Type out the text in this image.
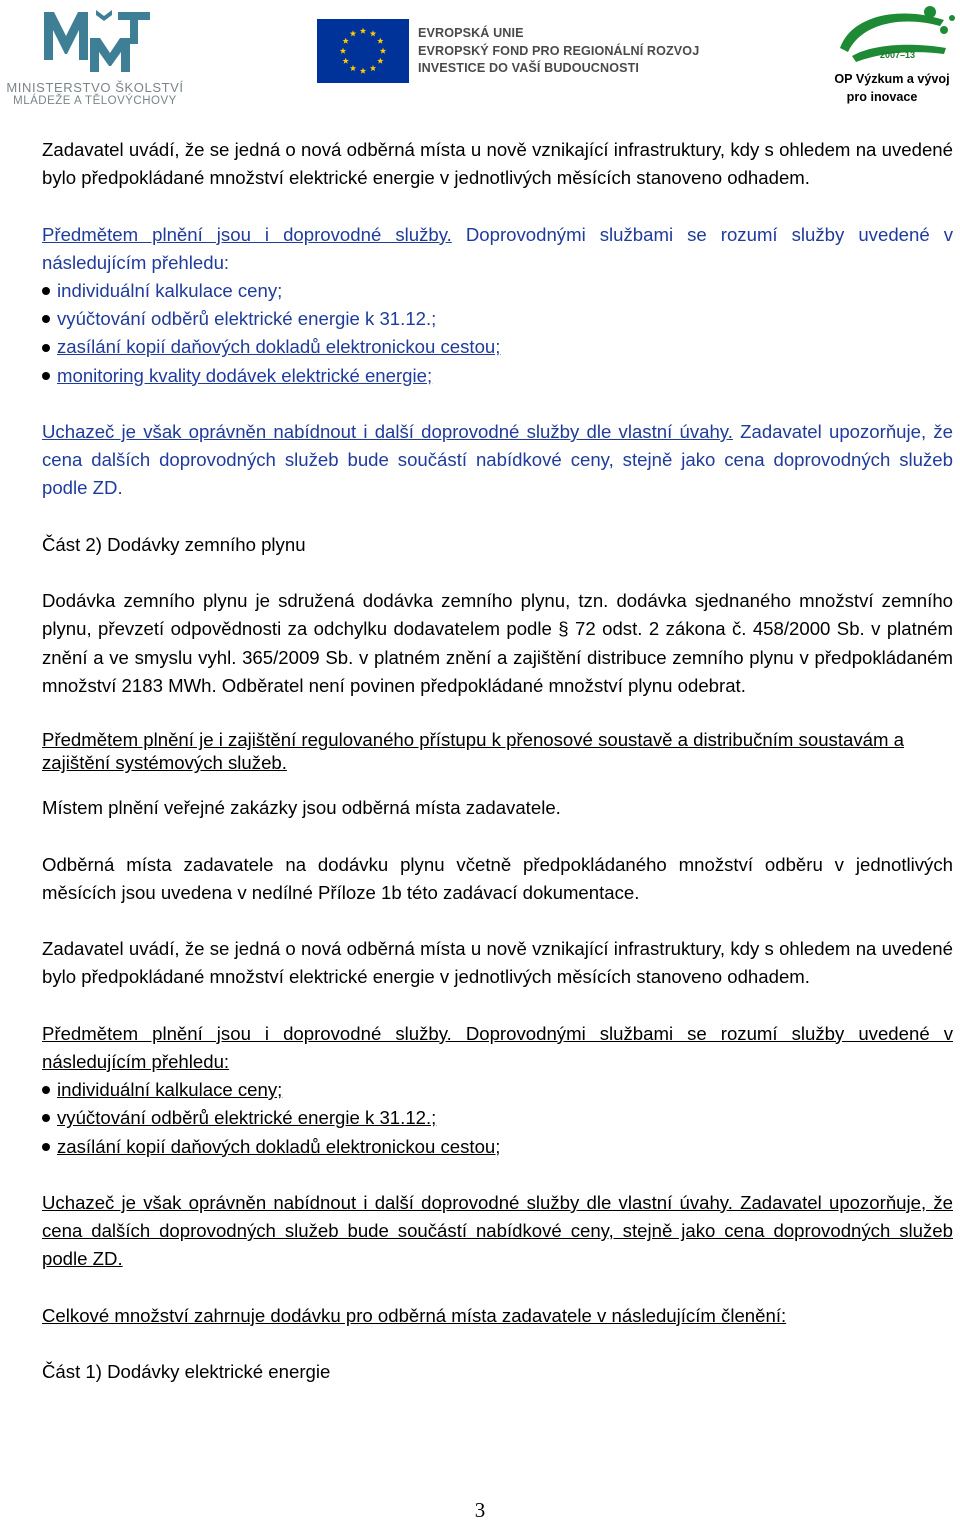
MINISTERSTVO ŠKOLSTVÍ
MLÁDEŽE A TĚLOVÝCHOVY
EVROPSKÁ UNIE
EVROPSKÝ FOND PRO REGIONÁLNÍ ROZVOJ
INVESTICE DO VAŠÍ BUDOUCNOSTI
OP Výzkum a vývoj
pro inovace
2007–13

Zadavatel uvádí, že se jedná o nová odběrná místa u nově vznikající infrastruktury, kdy s ohledem na uvedené bylo předpokládané množství elektrické energie v jednotlivých měsících stanoveno odhadem.

Předmětem plnění jsou i doprovodné služby. Doprovodnými službami se rozumí služby uvedené v následujícím přehledu:

individuální kalkulace ceny;
vyúčtování odběrů elektrické energie k 31.12.;
zasílání kopií daňových dokladů elektronickou cestou;
monitoring kvality dodávek elektrické energie;

Uchazeč je však oprávněn nabídnout i další doprovodné služby dle vlastní úvahy. Zadavatel upozorňuje, že cena dalších doprovodných služeb bude součástí nabídkové ceny, stejně jako cena doprovodných služeb podle ZD.

Část 2) Dodávky zemního plynu

Dodávka zemního plynu je sdružená dodávka zemního plynu, tzn. dodávka sjednaného množství zemního plynu, převzetí odpovědnosti za odchylku dodavatelem podle § 72 odst. 2 zákona č. 458/2000 Sb. v platném znění a ve smyslu vyhl. 365/2009 Sb. v platném znění a zajištění distribuce zemního plynu v předpokládaném množství 2183 MWh. Odběratel není povinen předpokládané množství plynu odebrat.

Předmětem plnění je i zajištění regulovaného přístupu k přenosové soustavě a distribučním soustavám a zajištění systémových služeb.

Místem plnění veřejné zakázky jsou odběrná místa zadavatele.

Odběrná místa zadavatele na dodávku plynu včetně předpokládaného množství odběru v jednotlivých měsících jsou uvedena v nedílné Příloze 1b této zadávací dokumentace.

Zadavatel uvádí, že se jedná o nová odběrná místa u nově vznikající infrastruktury, kdy s ohledem na uvedené bylo předpokládané množství elektrické energie v jednotlivých měsících stanoveno odhadem.

Předmětem plnění jsou i doprovodné služby. Doprovodnými službami se rozumí služby uvedené v následujícím přehledu:

individuální kalkulace ceny;
vyúčtování odběrů elektrické energie k 31.12.;
zasílání kopií daňových dokladů elektronickou cestou;

Uchazeč je však oprávněn nabídnout i další doprovodné služby dle vlastní úvahy. Zadavatel upozorňuje, že cena dalších doprovodných služeb bude součástí nabídkové ceny, stejně jako cena doprovodných služeb podle ZD.

Celkové množství zahrnuje dodávku pro odběrná místa zadavatele v následujícím členění:

Část 1) Dodávky elektrické energie

3
